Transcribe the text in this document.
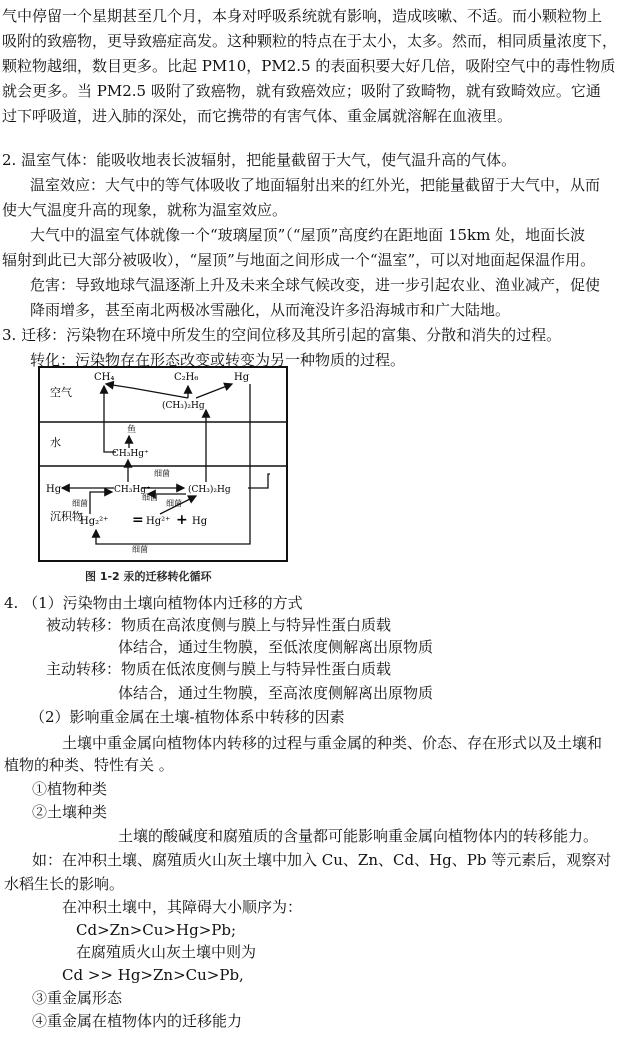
气中停留一个星期甚至几个月，本身对呼吸系统就有影响，造成咳嗽、不适。而小颗粒物上
吸附的致癌物，更导致癌症高发。这种颗粒的特点在于太小，太多。然而，相同质量浓度下，
颗粒物越细，数目更多。比起 PM10，PM2.5 的表面积要大好几倍，吸附空气中的毒性物质
就会更多。当 PM2.5 吸附了致癌物，就有致癌效应；吸附了致畸物，就有致畸效应。它通
过下呼吸道，进入肺的深处，而它携带的有害气体、重金属就溶解在血液里。
2. 温室气体：能吸收地表长波辐射，把能量截留于大气，使气温升高的气体。
温室效应：大气中的等气体吸收了地面辐射出来的红外光，把能量截留于大气中，从而
使大气温度升高的现象，就称为温室效应。
大气中的温室气体就像一个“玻璃屋顶”（“屋顶”高度约在距地面 15km 处，地面长波
辐射到此已大部分被吸收），“屋顶”与地面之间形成一个“温室”，可以对地面起保温作用。
危害：导致地球气温逐渐上升及未来全球气候改变，进一步引起农业、渔业减产，促使
降雨增多，甚至南北两极冰雪融化，从而淹没许多沿海城市和广大陆地。
3. 迁移：污染物在环境中所发生的空间位移及其所引起的富集、分散和消失的过程。
转化：污染物存在形态改变或转变为另一种物质的过程。
空气
水
沉积物
CH₄	C₂H₆	Hg
(CH₃)₂Hg
鱼
CH₃Hg⁺
Hg	CH₃Hg⁺	(CH₃)₂Hg
Hg₂²⁺ = Hg²⁺ + Hg
细菌
细菌
细菌	细菌
细菌
图 1-2 汞的迁移转化循环
4. （1）污染物由土壤向植物体内迁移的方式
被动转移：物质在高浓度侧与膜上与特异性蛋白质载
体结合，通过生物膜，至低浓度侧解离出原物质
主动转移：物质在低浓度侧与膜上与特异性蛋白质载
体结合，通过生物膜，至高浓度侧解离出原物质
（2）影响重金属在土壤-植物体系中转移的因素
土壤中重金属向植物体内转移的过程与重金属的种类、价态、存在形式以及土壤和
植物的种类、特性有关 。
①植物种类
②土壤种类
土壤的酸碱度和腐殖质的含量都可能影响重金属向植物体内的转移能力。
如：在冲积土壤、腐殖质火山灰土壤中加入 Cu、Zn、Cd、Hg、Pb 等元素后，观察对
水稻生长的影响。
在冲积土壤中，其障碍大小顺序为：
Cd>Zn>Cu>Hg>Pb;
在腐殖质火山灰土壤中则为
Cd >> Hg>Zn>Cu>Pb,
③重金属形态
④重金属在植物体内的迁移能力
